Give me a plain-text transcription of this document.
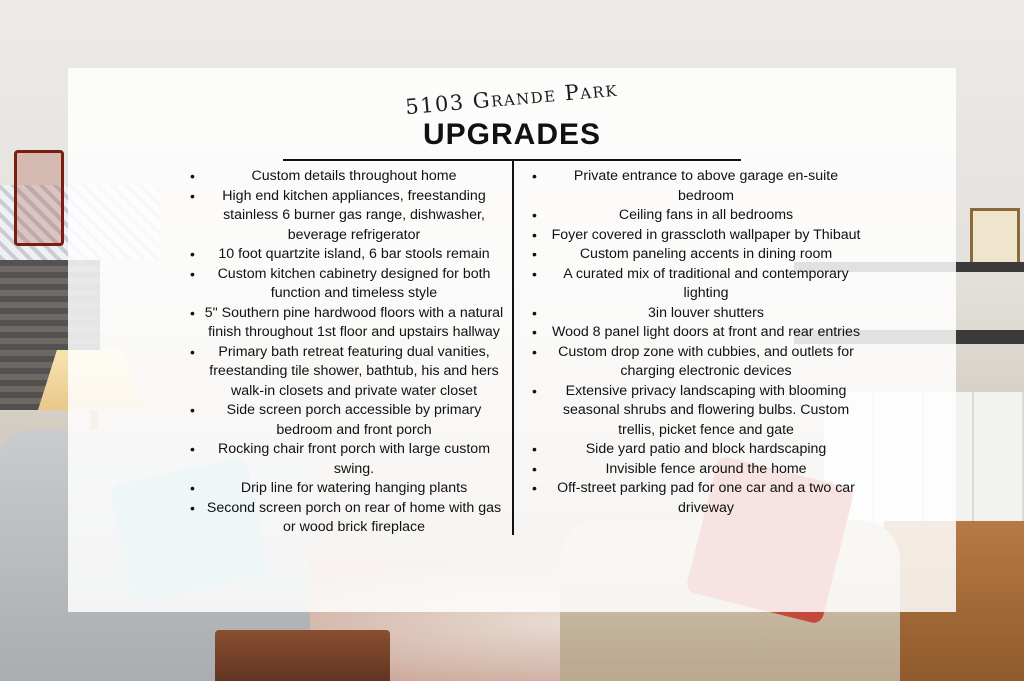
5103 Grande Park
UPGRADES
•	Custom details throughout home
•	High end kitchen appliances, freestanding stainless 6 burner gas range, dishwasher, beverage refrigerator
•	10 foot quartzite island, 6 bar stools remain
•	Custom kitchen cabinetry designed for both function and timeless style
• 5" Southern pine hardwood floors with a natural finish throughout 1st floor and upstairs hallway
•	Primary bath retreat featuring dual vanities, freestanding tile shower, bathtub, his and hers walk-in closets and private water closet
•	Side screen porch accessible by primary bedroom and front porch
•	Rocking chair front porch with large custom swing.
•	Drip line for watering hanging plants
• Second screen porch on rear of home with gas or wood brick fireplace
•	Private entrance to above garage en-suite bedroom
•	Ceiling fans in all bedrooms
•	Foyer covered in grasscloth wallpaper by Thibaut
•	Custom paneling accents in dining room
•	A curated mix of traditional and contemporary lighting
•	3in louver shutters
•	Wood 8 panel light doors at front and rear entries
•	Custom drop zone with cubbies, and outlets for charging electronic devices
•	Extensive privacy landscaping with blooming seasonal shrubs and flowering bulbs. Custom trellis, picket fence and gate
•	Side yard patio and block hardscaping
•	Invisible fence around the home
•	Off-street parking pad for one car and a two car driveway
